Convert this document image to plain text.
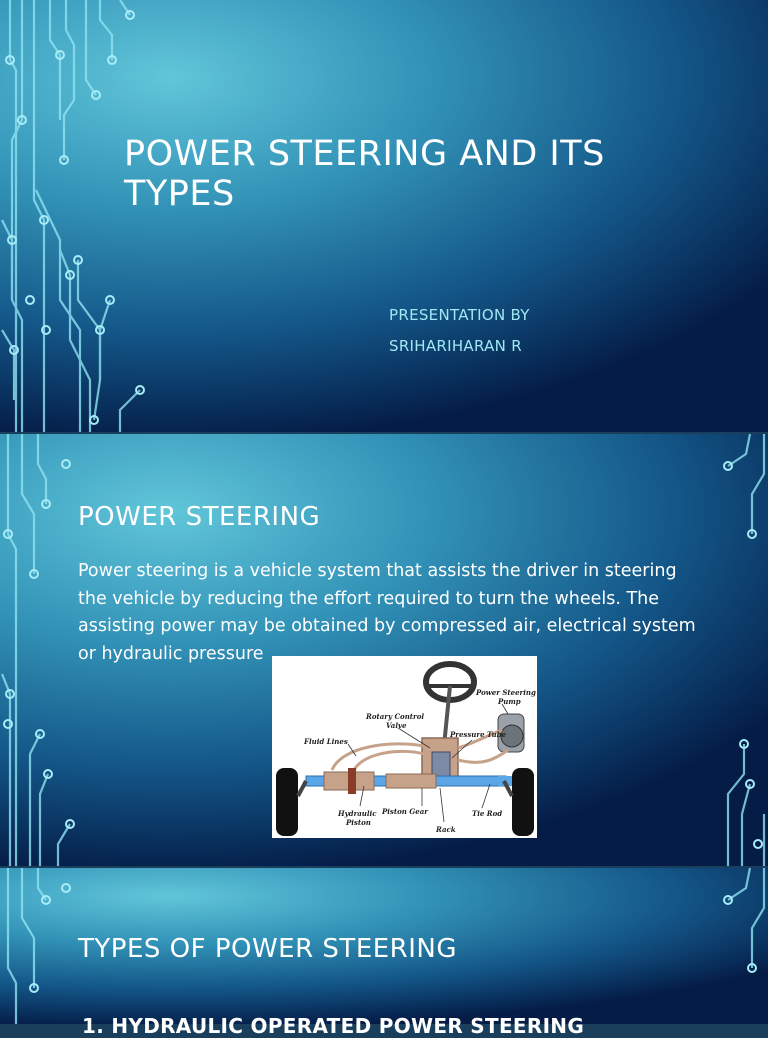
POWER STEERING AND ITS TYPES
PRESENTATION BY
SRIHARIHARAN R
POWER STEERING
Power steering is a vehicle system that assists the driver in steering the vehicle by reducing the effort required to turn the wheels. The assisting power may be obtained by compressed air, electrical system or hydraulic pressure
Power Steering
Pump
Rotary Control
Valve
Pressure Tube
Fluid Lines
Hydraulic
Piston
Piston Gear	Tie Rod
Rack
TYPES OF POWER STEERING
1. HYDRAULIC OPERATED POWER STEERING
